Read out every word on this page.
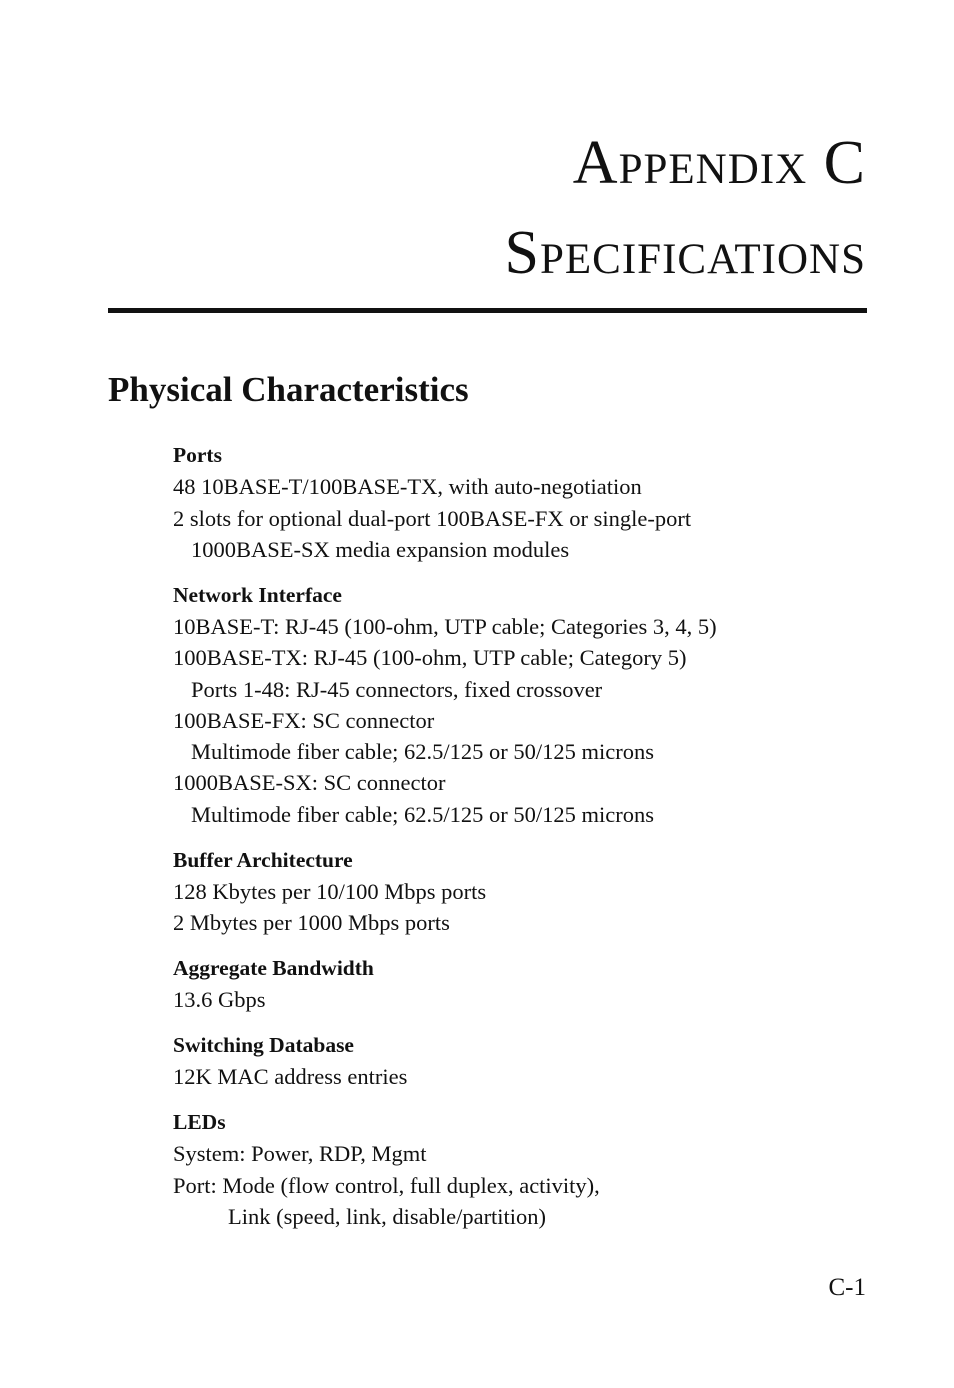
Appendix C
Specifications
Physical Characteristics
Ports
48 10BASE-T/100BASE-TX, with auto-negotiation
2 slots for optional dual-port 100BASE-FX or single-port
1000BASE-SX media expansion modules
Network Interface
10BASE-T: RJ-45 (100-ohm, UTP cable; Categories 3, 4, 5)
100BASE-TX: RJ-45 (100-ohm, UTP cable; Category 5)
Ports 1-48: RJ-45 connectors, fixed crossover
100BASE-FX: SC connector
Multimode fiber cable; 62.5/125 or 50/125 microns
1000BASE-SX: SC connector
Multimode fiber cable; 62.5/125 or 50/125 microns
Buffer Architecture
128 Kbytes per 10/100 Mbps ports
2 Mbytes per 1000 Mbps ports
Aggregate Bandwidth
13.6 Gbps
Switching Database
12K MAC address entries
LEDs
System: Power, RDP, Mgmt
Port: Mode (flow control, full duplex, activity),
Link (speed, link, disable/partition)
C-1
